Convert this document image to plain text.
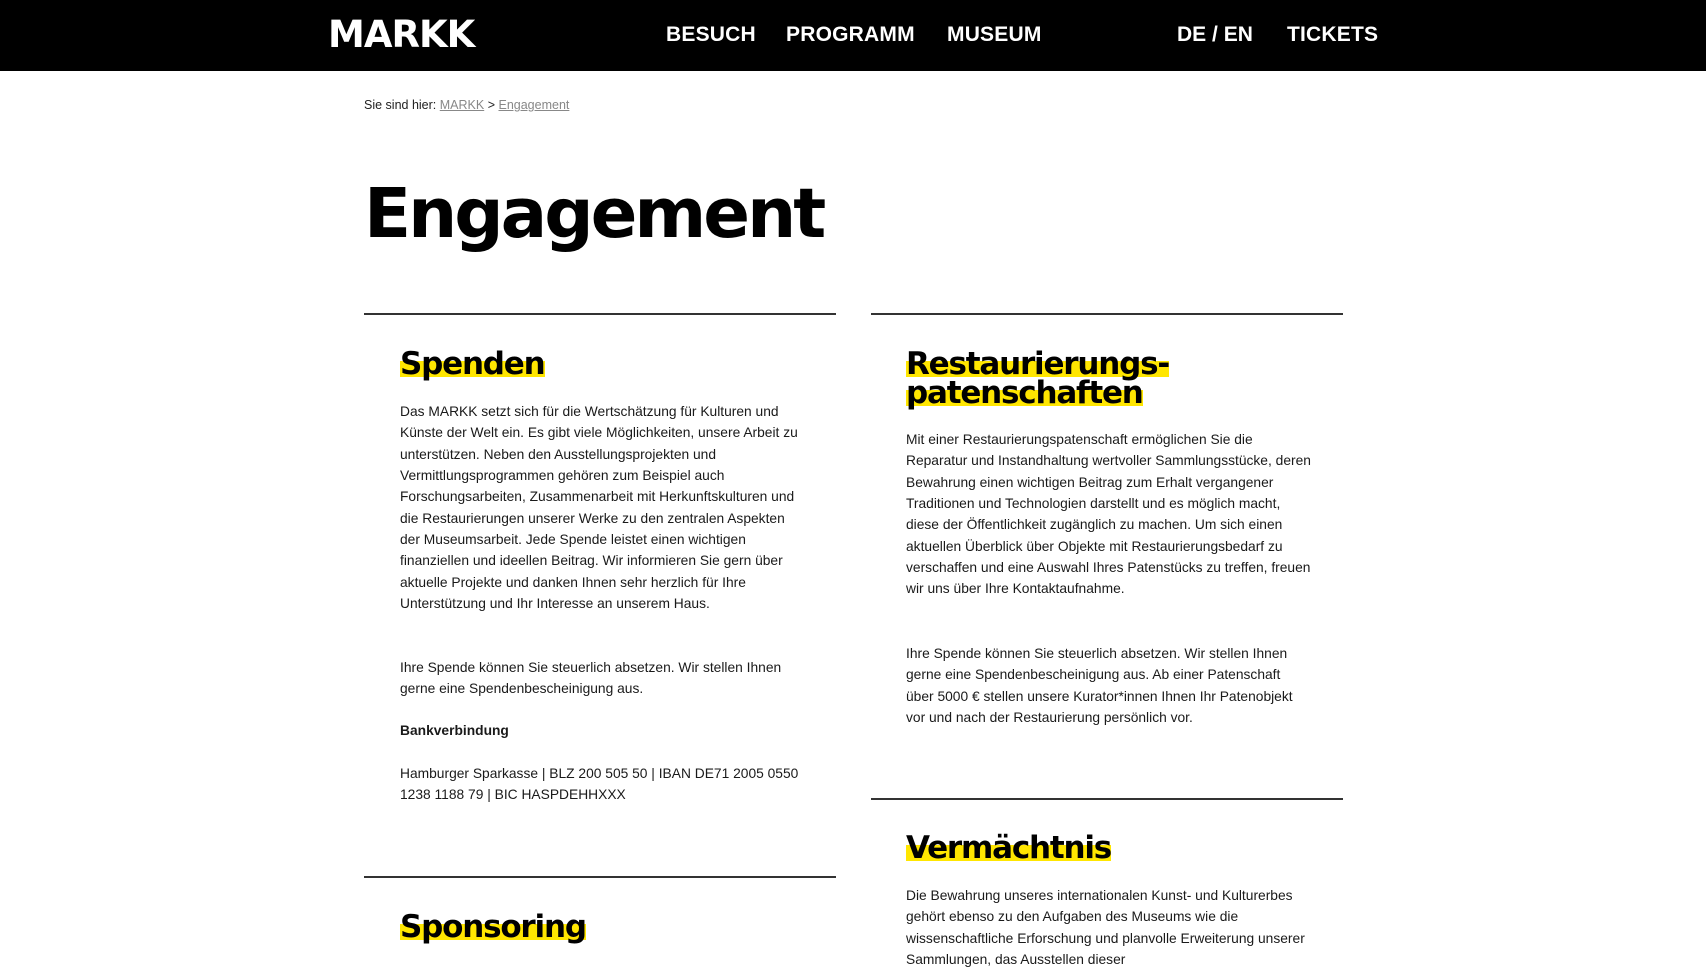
MARKK	BESUCH PROGRAMM MUSEUM	DE / EN TICKETS
Sie sind hier: MARKK > Engagement
Engagement
Spenden

Das MARKK setzt sich für die Wertschätzung für Kulturen und Künste der Welt ein. Es gibt viele Möglichkeiten, unsere Arbeit zu unterstützen. Neben den Ausstellungsprojekten und Vermittlungsprogrammen gehören zum Beispiel auch Forschungsarbeiten, Zusammenarbeit mit Herkunftskulturen und die Restaurierungen unserer Werke zu den zentralen Aspekten der Museumsarbeit. Jede Spende leistet einen wichtigen finanziellen und ideellen Beitrag. Wir informieren Sie gern über aktuelle Projekte und danken Ihnen sehr herzlich für Ihre Unterstützung und Ihr Interesse an unserem Haus.

Ihre Spende können Sie steuerlich absetzen. Wir stellen Ihnen gerne eine Spendenbescheinigung aus.

Bankverbindung

Hamburger Sparkasse | BLZ 200 505 50 | IBAN DE71 2005 0550 1238 1188 79 | BIC HASPDEHHXXX

Restaurierungs-
patenschaften

Mit einer Restaurierungspatenschaft ermöglichen Sie die Reparatur und Instandhaltung wertvoller Sammlungsstücke, deren Bewahrung einen wichtigen Beitrag zum Erhalt vergangener Traditionen und Technologien darstellt und es möglich macht, diese der Öffentlichkeit zugänglich zu machen. Um sich einen aktuellen Überblick über Objekte mit Restaurierungsbedarf zu verschaffen und eine Auswahl Ihres Patenstücks zu treffen, freuen wir uns über Ihre Kontaktaufnahme.

Ihre Spende können Sie steuerlich absetzen. Wir stellen Ihnen gerne eine Spendenbescheinigung aus. Ab einer Patenschaft über 5000 € stellen unsere Kurator*innen Ihnen Ihr Patenobjekt vor und nach der Restaurierung persönlich vor.

Vermächtnis

Die Bewahrung unseres internationalen Kunst- und Kulturerbes gehört ebenso zu den Aufgaben des Museums wie die wissenschaftliche Erforschung und planvolle Erweiterung unserer Sammlungen, das Ausstellen dieser

Sponsoring
